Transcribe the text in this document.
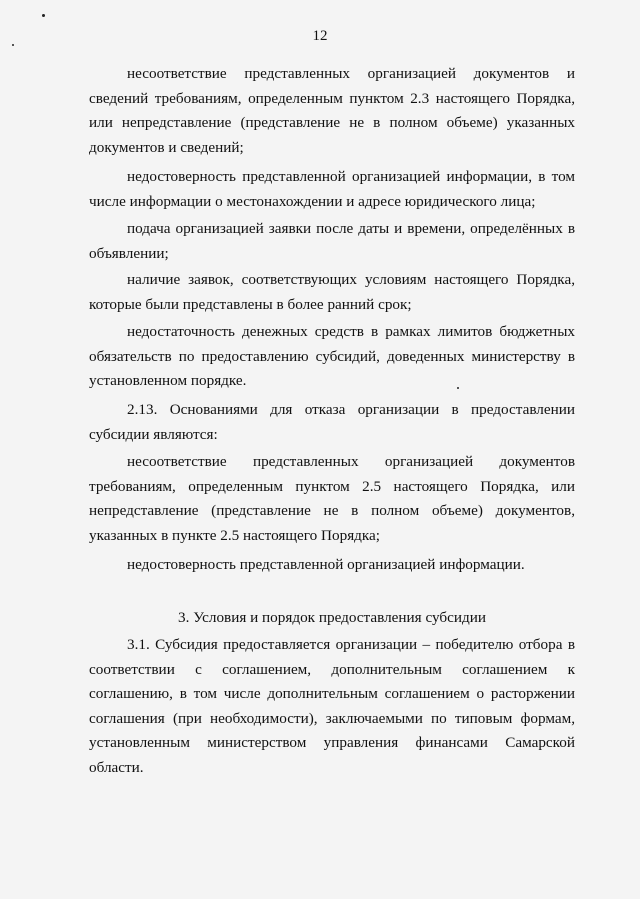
12

несоответствие представленных организацией документов и сведений требованиям, определенным пунктом 2.3 настоящего Порядка, или непредставление (представление не в полном объеме) указанных документов и сведений;

недостоверность представленной организацией информации, в том числе информации о местонахождении и адресе юридического лица;

подача организацией заявки после даты и времени, определённых в объявлении;

наличие заявок, соответствующих условиям настоящего Порядка, которые были представлены в более ранний срок;

недостаточность денежных средств в рамках лимитов бюджетных обязательств по предоставлению субсидий, доведенных министерству в установленном порядке.

2.13. Основаниями для отказа организации в предоставлении субсидии являются:

несоответствие представленных организацией документов требованиям, определенным пунктом 2.5 настоящего Порядка, или непредставление (представление не в полном объеме) документов, указанных в пункте 2.5 настоящего Порядка;

недостоверность представленной организацией информации.

3. Условия и порядок предоставления субсидии

3.1. Субсидия предоставляется организации – победителю отбора в соответствии с соглашением, дополнительным соглашением к соглашению, в том числе дополнительным соглашением о расторжении соглашения (при необходимости), заключаемыми по типовым формам, установленным министерством управления финансами Самарской области.
